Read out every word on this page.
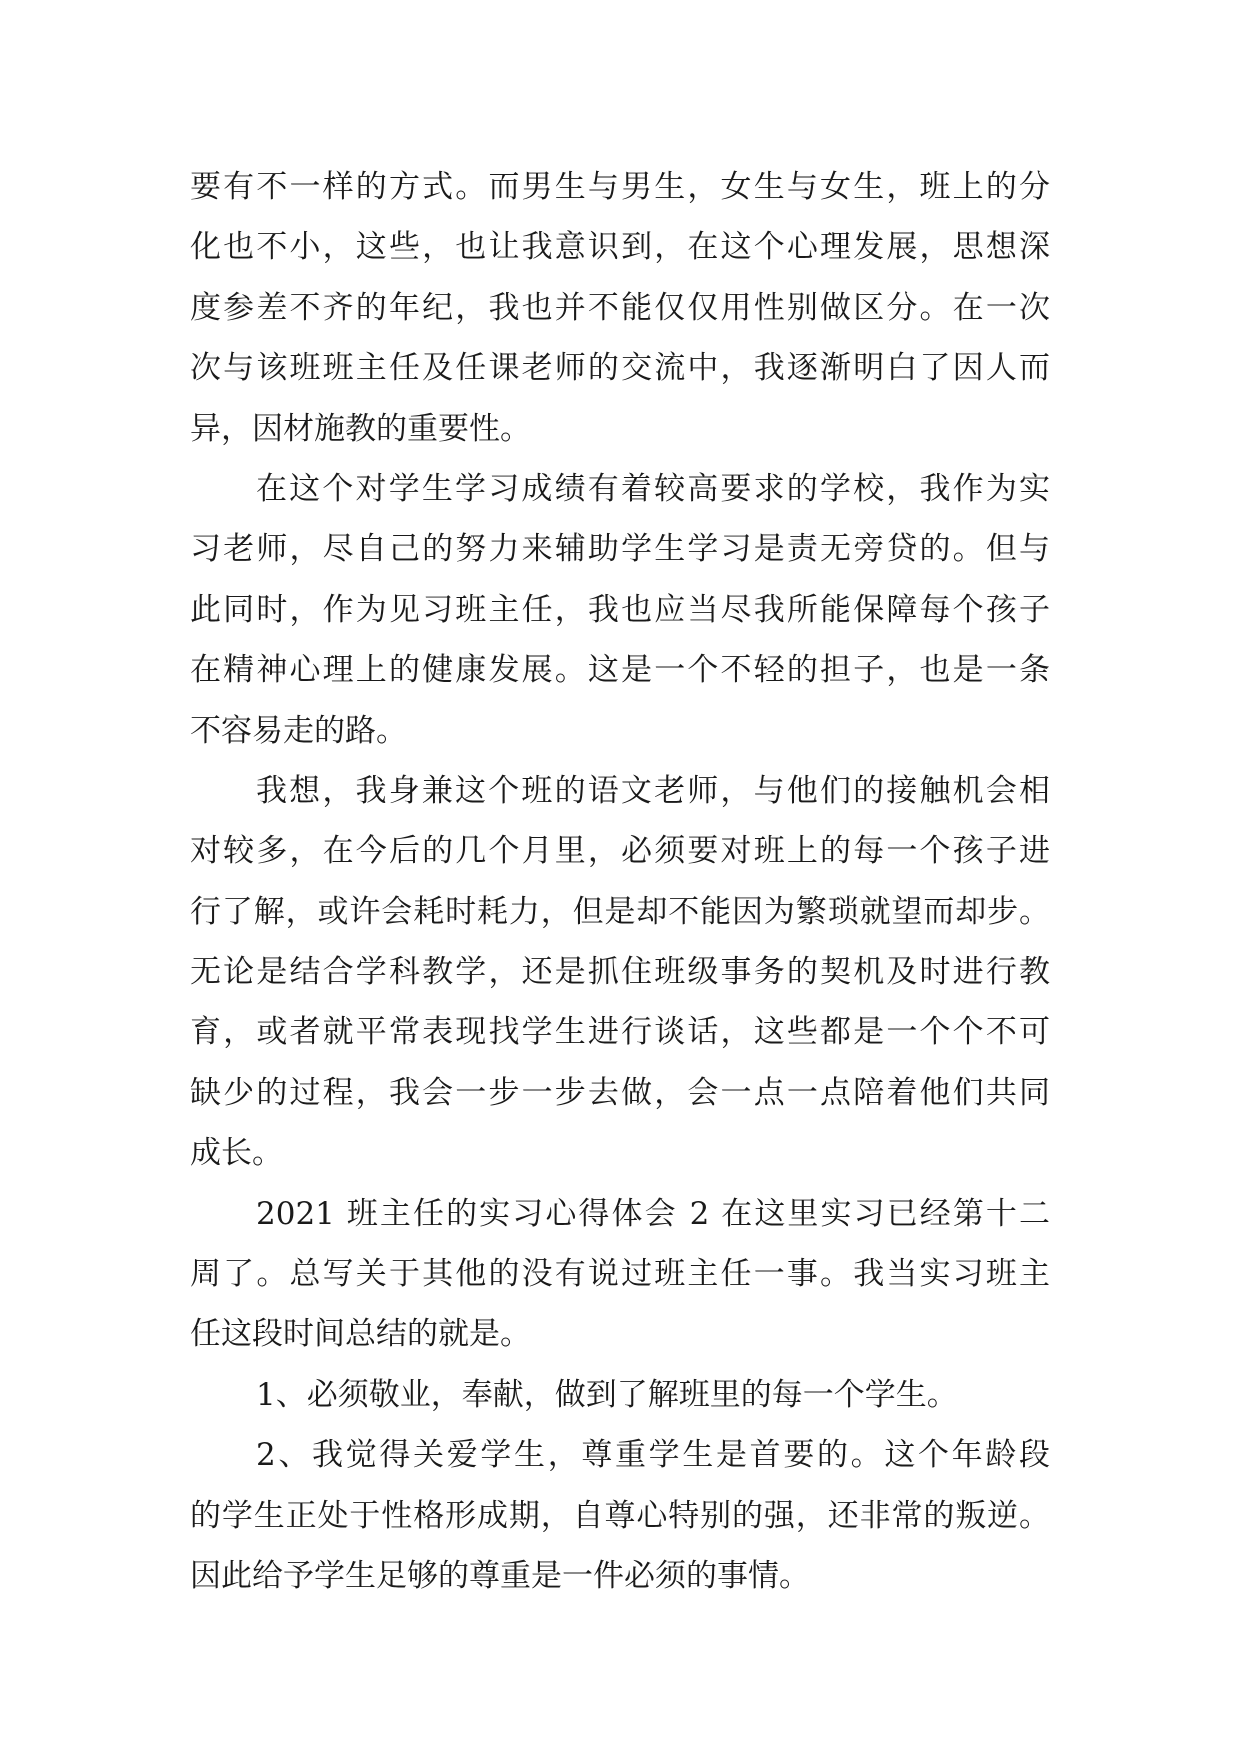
要有不一样的方式。而男生与男生，女生与女生，班上的分
化也不小，这些，也让我意识到，在这个心理发展，思想深
度参差不齐的年纪，我也并不能仅仅用性别做区分。在一次
次与该班班主任及任课老师的交流中，我逐渐明白了因人而
异，因材施教的重要性。
在这个对学生学习成绩有着较高要求的学校，我作为实
习老师，尽自己的努力来辅助学生学习是责无旁贷的。但与
此同时，作为见习班主任，我也应当尽我所能保障每个孩子
在精神心理上的健康发展。这是一个不轻的担子，也是一条
不容易走的路。
我想，我身兼这个班的语文老师，与他们的接触机会相
对较多，在今后的几个月里，必须要对班上的每一个孩子进
行了解，或许会耗时耗力，但是却不能因为繁琐就望而却步。
无论是结合学科教学，还是抓住班级事务的契机及时进行教
育，或者就平常表现找学生进行谈话，这些都是一个个不可
缺少的过程，我会一步一步去做，会一点一点陪着他们共同
成长。
2021 班主任的实习心得体会 2 在这里实习已经第十二
周了。总写关于其他的没有说过班主任一事。我当实习班主
任这段时间总结的就是。
1、必须敬业，奉献，做到了解班里的每一个学生。
2、我觉得关爱学生，尊重学生是首要的。这个年龄段
的学生正处于性格形成期，自尊心特别的强，还非常的叛逆。
因此给予学生足够的尊重是一件必须的事情。
